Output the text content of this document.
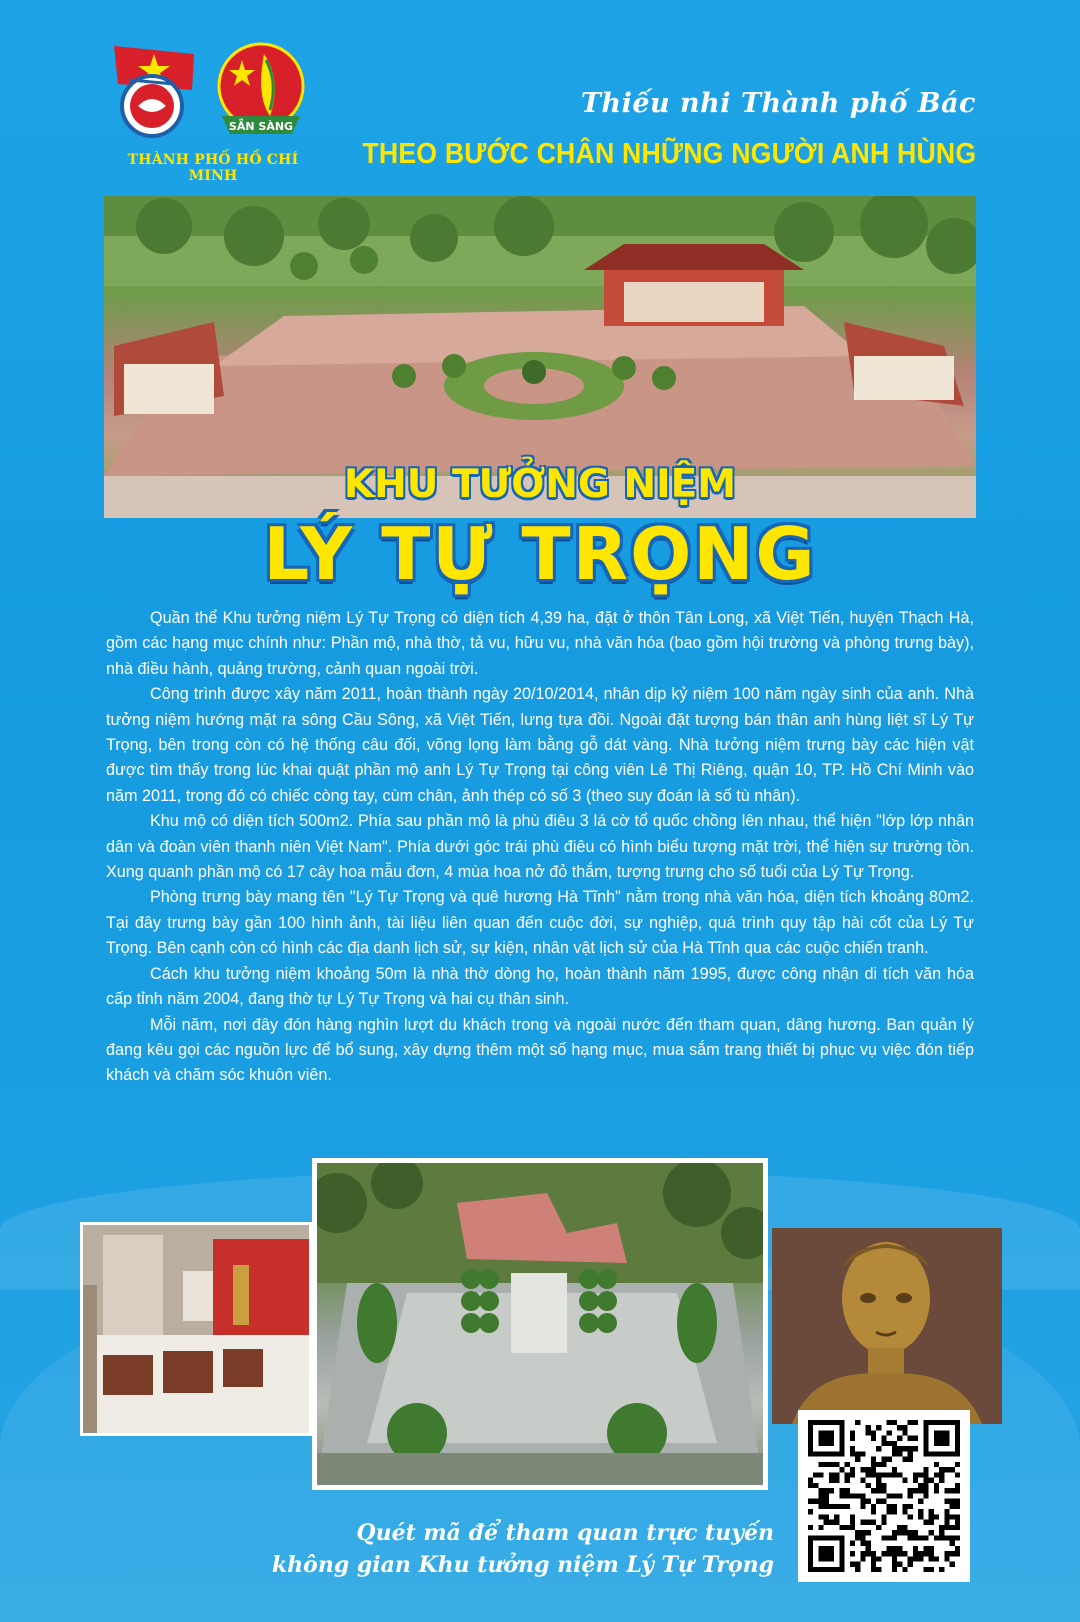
SẴN SÀNG
THÀNH PHỐ HỒ CHÍ MINH
Thiếu nhi Thành phố Bác
THEO BƯỚC CHÂN NHỮNG NGƯỜI ANH HÙNG
KHU TƯỞNG NIỆM
LÝ TỰ TRỌNG

Quần thể Khu tưởng niệm Lý Tự Trọng có diện tích 4,39 ha, đặt ở thôn Tân Long, xã Việt Tiến, huyện Thạch Hà, gồm các hạng mục chính như: Phần mộ, nhà thờ, tả vu, hữu vu, nhà văn hóa (bao gồm hội trường và phòng trưng bày), nhà điều hành, quảng trường, cảnh quan ngoài trời.

Công trình được xây năm 2011, hoàn thành ngày 20/10/2014, nhân dịp kỷ niệm 100 năm ngày sinh của anh. Nhà tưởng niệm hướng mặt ra sông Cầu Sông, xã Việt Tiến, lưng tựa đồi. Ngoài đặt tượng bán thân anh hùng liệt sĩ Lý Tự Trọng, bên trong còn có hệ thống câu đối, võng lọng làm bằng gỗ dát vàng. Nhà tưởng niệm trưng bày các hiện vật được tìm thấy trong lúc khai quật phần mộ anh Lý Tự Trọng tại công viên Lê Thị Riêng, quận 10, TP. Hồ Chí Minh vào năm 2011, trong đó có chiếc còng tay, cùm chân, ảnh thép có số 3 (theo suy đoán là số tù nhân).

Khu mộ có diện tích 500m2. Phía sau phần mộ là phù điêu 3 lá cờ tổ quốc chồng lên nhau, thể hiện "lớp lớp nhân dân và đoàn viên thanh niên Việt Nam". Phía dưới góc trái phù điêu có hình biểu tượng mặt trời, thể hiện sự trường tồn. Xung quanh phần mộ có 17 cây hoa mẫu đơn, 4 mùa hoa nở đỏ thắm, tượng trưng cho số tuổi của Lý Tự Trọng.

Phòng trưng bày mang tên "Lý Tự Trọng và quê hương Hà Tĩnh" nằm trong nhà văn hóa, diện tích khoảng 80m2. Tại đây trưng bày gần 100 hình ảnh, tài liệu liên quan đến cuộc đời, sự nghiệp, quá trình quy tập hài cốt của Lý Tự Trọng. Bên cạnh còn có hình các địa danh lịch sử, sự kiện, nhân vật lịch sử của Hà Tĩnh qua các cuộc chiến tranh.

Cách khu tưởng niệm khoảng 50m là nhà thờ dòng họ, hoàn thành năm 1995, được công nhận di tích văn hóa cấp tỉnh năm 2004, đang thờ tự Lý Tự Trọng và hai cụ thân sinh.

Mỗi năm, nơi đây đón hàng nghìn lượt du khách trong và ngoài nước đến tham quan, dâng hương. Ban quản lý đang kêu gọi các nguồn lực để bổ sung, xây dựng thêm một số hạng mục, mua sắm trang thiết bị phục vụ việc đón tiếp khách và chăm sóc khuôn viên.

Quét mã để tham quan trực tuyến
không gian Khu tưởng niệm Lý Tự Trọng
